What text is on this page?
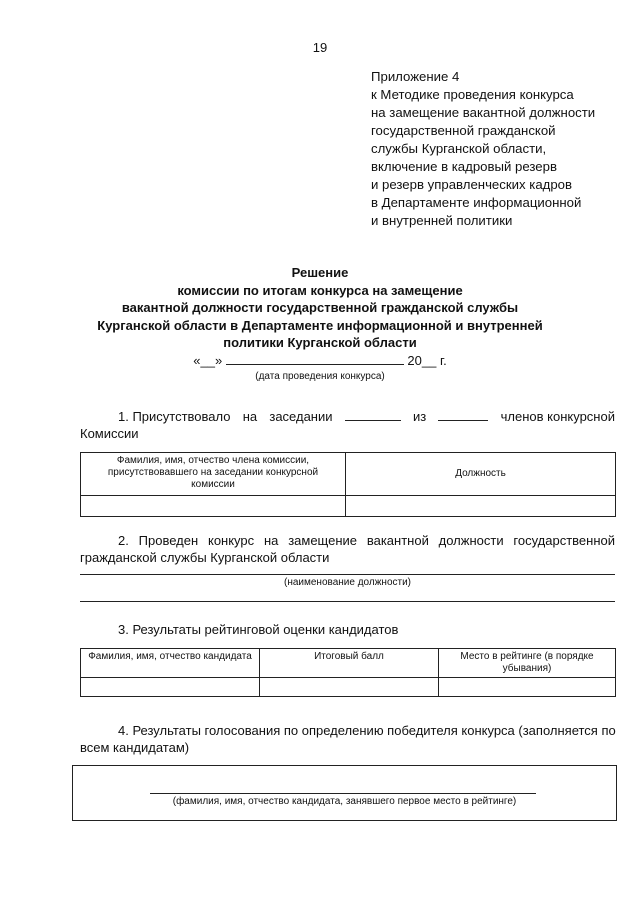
19
Приложение 4
к Методике проведения конкурса
на замещение вакантной должности
государственной гражданской
службы Курганской области,
включение в кадровый резерв
и резерв управленческих кадров
в Департаменте информационной
и внутренней политики
Решение
комиссии по итогам конкурса на замещение
вакантной должности государственной гражданской службы
Курганской области в Департаменте информационной и внутренней
политики Курганской области
«__»	20__ г.
(дата проведения конкурса)
1. Присутствовало на заседании	из	членов конкурсной
Комиссии
Фамилия, имя, отчество члена комиссии, присутствовавшего на заседании конкурсной комиссии	Должность

2. Проведен конкурс на замещение вакантной должности государственной
гражданской службы Курганской области
(наименование должности)
3. Результаты рейтинговой оценки кандидатов
Фамилия, имя, отчество кандидата	Итоговый балл	Место в рейтинге (в порядке убывания)

4. Результаты голосования по определению победителя конкурса (заполняется по
всем кандидатам)
(фамилия, имя, отчество кандидата, занявшего первое место в рейтинге)
